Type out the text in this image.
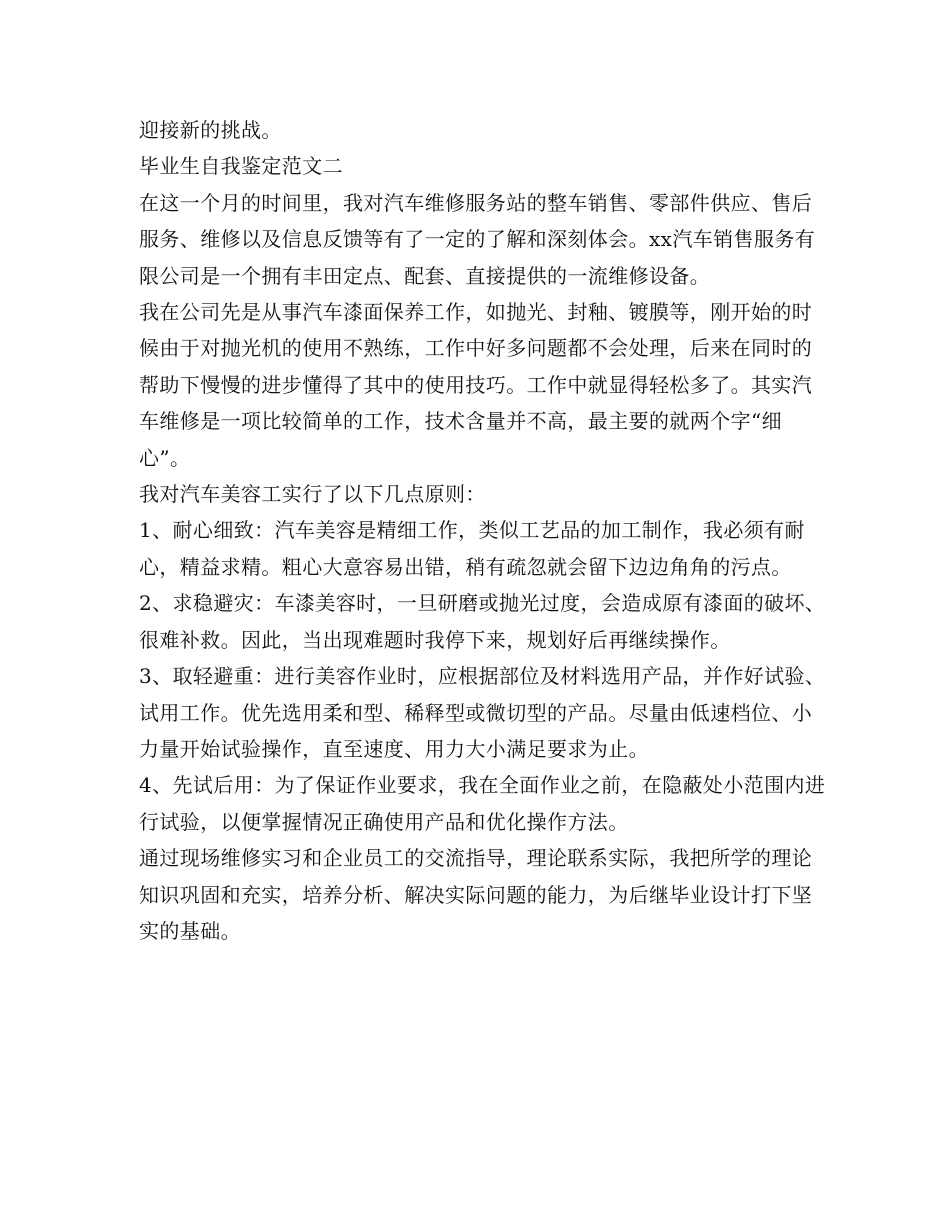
迎接新的挑战。

毕业生自我鉴定范文二

在这一个月的时间里，我对汽车维修服务站的整车销售、零部件供应、售后服务、维修以及信息反馈等有了一定的了解和深刻体会。xx汽车销售服务有限公司是一个拥有丰田定点、配套、直接提供的一流维修设备。

我在公司先是从事汽车漆面保养工作，如抛光、封釉、镀膜等，刚开始的时候由于对抛光机的使用不熟练，工作中好多问题都不会处理，后来在同时的帮助下慢慢的进步懂得了其中的使用技巧。工作中就显得轻松多了。其实汽车维修是一项比较简单的工作，技术含量并不高，最主要的就两个字“细心”。

我对汽车美容工实行了以下几点原则：

1、耐心细致：汽车美容是精细工作，类似工艺品的加工制作，我必须有耐心，精益求精。粗心大意容易出错，稍有疏忽就会留下边边角角的污点。

2、求稳避灾：车漆美容时，一旦研磨或抛光过度，会造成原有漆面的破坏、很难补救。因此，当出现难题时我停下来，规划好后再继续操作。

3、取轻避重：进行美容作业时，应根据部位及材料选用产品，并作好试验、试用工作。优先选用柔和型、稀释型或微切型的产品。尽量由低速档位、小力量开始试验操作，直至速度、用力大小满足要求为止。

4、先试后用：为了保证作业要求，我在全面作业之前，在隐蔽处小范围内进行试验，以便掌握情况正确使用产品和优化操作方法。

通过现场维修实习和企业员工的交流指导，理论联系实际，我把所学的理论知识巩固和充实，培养分析、解决实际问题的能力，为后继毕业设计打下坚实的基础。
